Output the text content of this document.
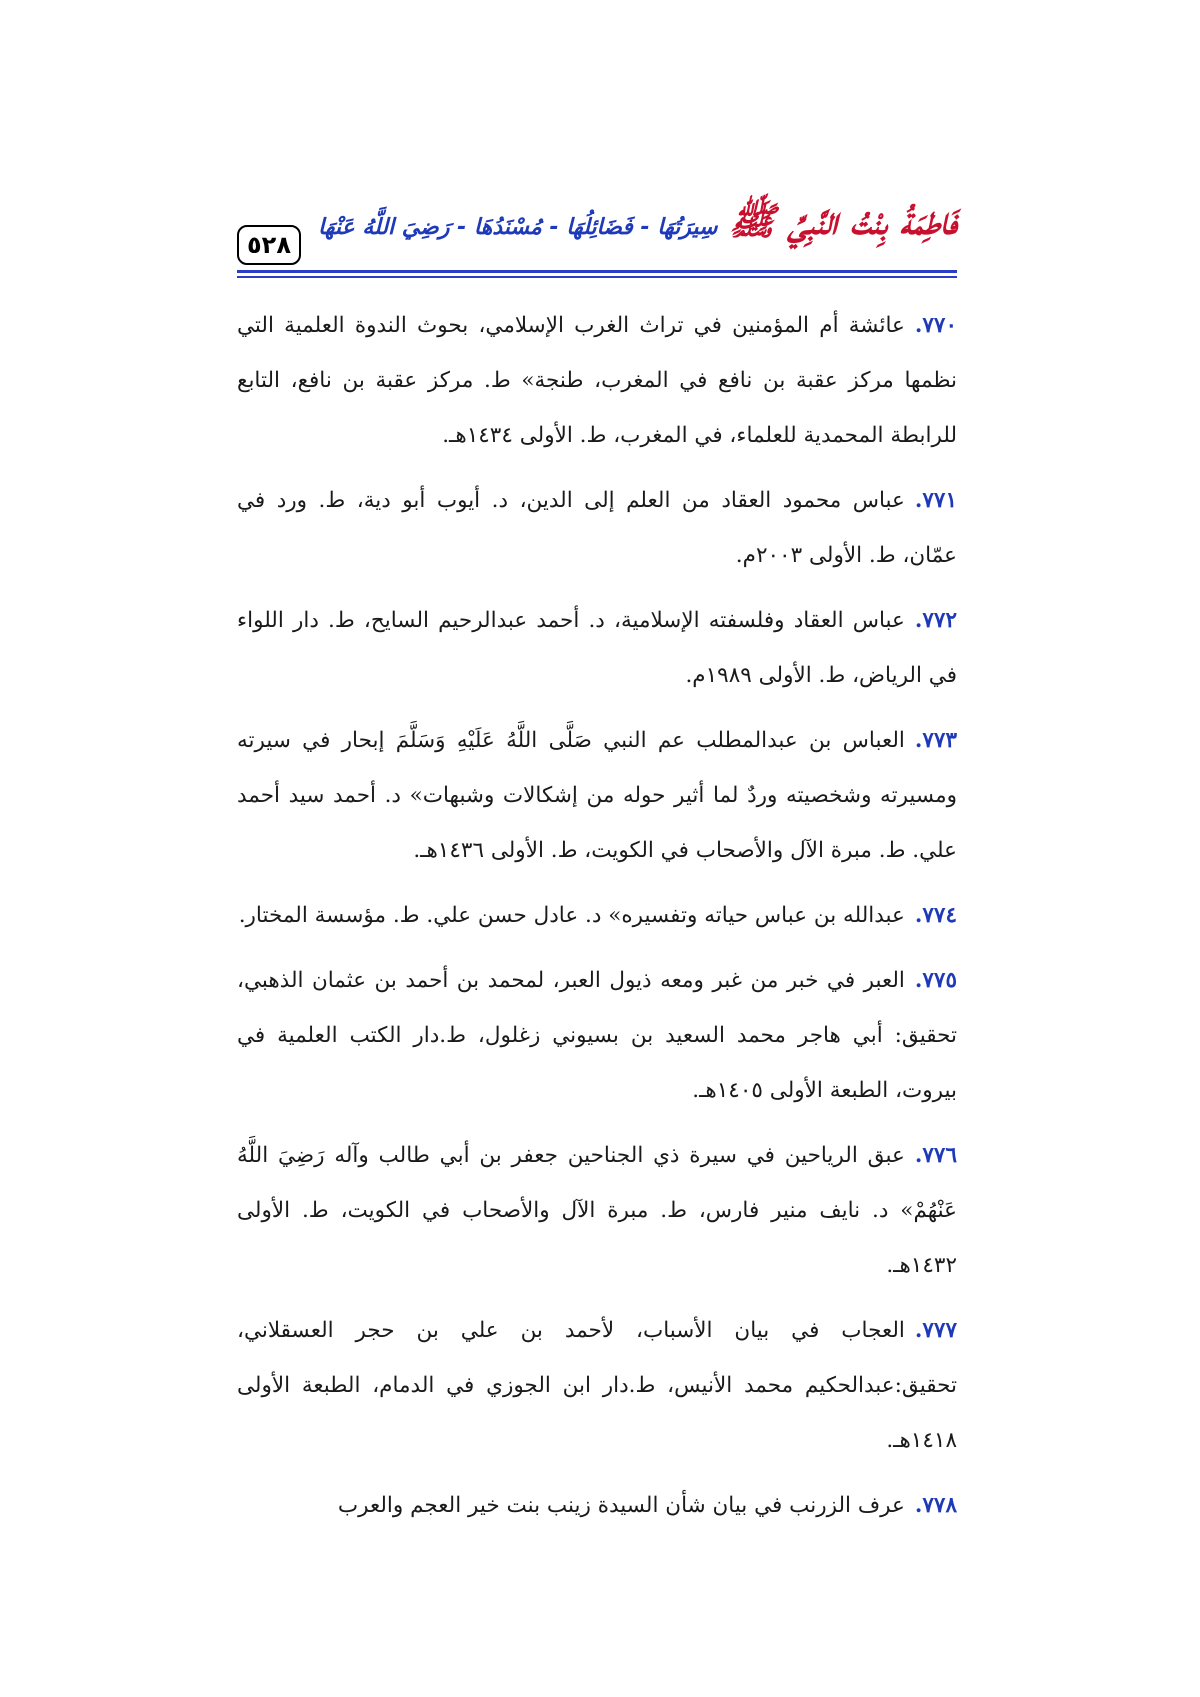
فَاطِمَةُ بِنْتُ النَّبِيِّ ﷺ سِيرَتُهَا - فَضَائِلُهَا - مُسْنَدُهَا - رَضِيَ اللَّهُ عَنْهَا
٥٢٨

٧٧٠.عائشة أم المؤمنين في تراث الغرب الإسلامي، بحوث الندوة العلمية التي نظمها مركز عقبة بن نافع في المغرب، طنجة» ط. مركز عقبة بن نافع، التابع للرابطة المحمدية للعلماء، في المغرب، ط. الأولى ١٤٣٤هـ.

٧٧١.عباس محمود العقاد من العلم إلى الدين، د. أيوب أبو دية، ط. ورد في عمّان، ط. الأولى ٢٠٠٣م.

٧٧٢.عباس العقاد وفلسفته الإسلامية، د. أحمد عبدالرحيم السايح، ط. دار اللواء في الرياض، ط. الأولى ١٩٨٩م.

٧٧٣.العباس بن عبدالمطلب عم النبي صَلَّى اللَّهُ عَلَيْهِ وَسَلَّمَ إبحار في سيرته ومسيرته وشخصيته وردٌ لما أثير حوله من إشكالات وشبهات» د. أحمد سيد أحمد علي. ط. مبرة الآل والأصحاب في الكويت، ط. الأولى ١٤٣٦هـ.

٧٧٤.عبدالله بن عباس حياته وتفسيره» د. عادل حسن علي. ط. مؤسسة المختار.

٧٧٥.العبر في خبر من غبر ومعه ذيول العبر، لمحمد بن أحمد بن عثمان الذهبي، تحقيق: أبي هاجر محمد السعيد بن بسيوني زغلول، ط.دار الكتب العلمية في بيروت، الطبعة الأولى ١٤٠٥هـ.

٧٧٦.عبق الرياحين في سيرة ذي الجناحين جعفر بن أبي طالب وآله رَضِيَ اللَّهُ عَنْهُمْ» د. نايف منير فارس، ط. مبرة الآل والأصحاب في الكويت، ط. الأولى ١٤٣٢هـ.

٧٧٧.العجاب في بيان الأسباب، لأحمد بن علي بن حجر العسقلاني، تحقيق:عبدالحكيم محمد الأنيس، ط.دار ابن الجوزي في الدمام، الطبعة الأولى ١٤١٨هـ.

٧٧٨.عرف الزرنب في بيان شأن السيدة زينب بنت خير العجم والعرب
